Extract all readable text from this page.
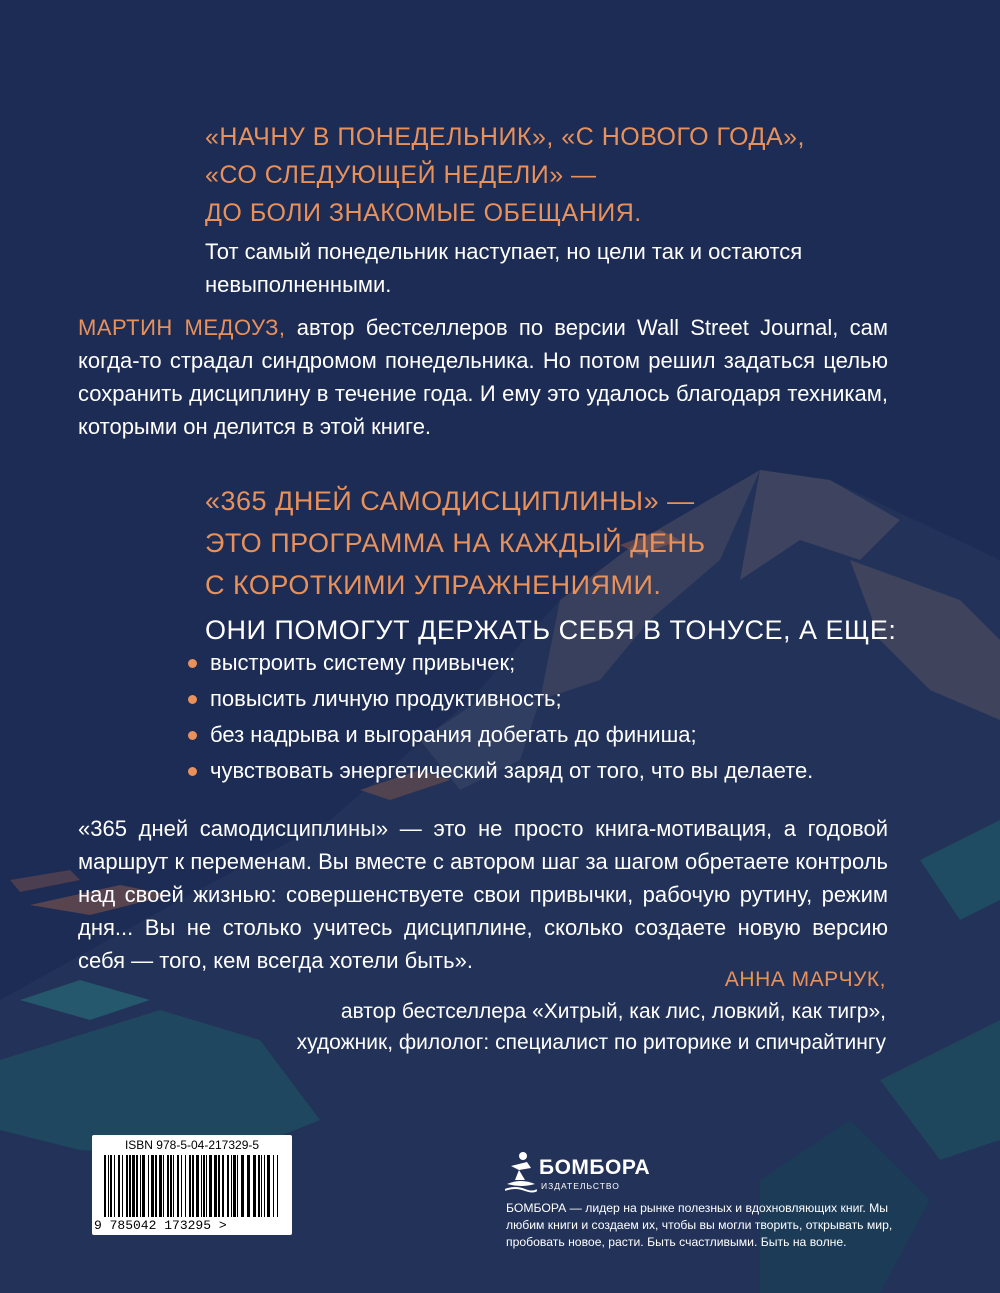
«НАЧНУ В ПОНЕДЕЛЬНИК», «С НОВОГО ГОДА»,
«СО СЛЕДУЮЩЕЙ НЕДЕЛИ» —
ДО БОЛИ ЗНАКОМЫЕ ОБЕЩАНИЯ.
Тот самый понедельник наступает, но цели так и остаются невыполненными.
МАРТИН МЕДОУЗ, автор бестселлеров по версии Wall Street Journal, сам когда-то страдал синдромом понедельника. Но потом решил задаться целью сохранить дисциплину в течение года. И ему это удалось благодаря техникам, которыми он делится в этой книге.
«365 ДНЕЙ САМОДИСЦИПЛИНЫ» —
ЭТО ПРОГРАММА НА КАЖДЫЙ ДЕНЬ
С КОРОТКИМИ УПРАЖНЕНИЯМИ.
ОНИ ПОМОГУТ ДЕРЖАТЬ СЕБЯ В ТОНУСЕ, А ЕЩЕ:
выстроить систему привычек;
повысить личную продуктивность;
без надрыва и выгорания добегать до финиша;
чувствовать энергетический заряд от того, что вы делаете.
«365 дней самодисциплины» — это не просто книга-мотивация, а годовой маршрут к переменам. Вы вместе с автором шаг за шагом обретаете контроль над своей жизнью: совершенствуете свои привычки, рабочую рутину, режим дня... Вы не столько учитесь дисциплине, сколько создаете новую версию себя — того, кем всегда хотели быть».
АННА МАРЧУК,
автор бестселлера «Хитрый, как лис, ловкий, как тигр»,
художник, филолог: специалист по риторике и спичрайтингу
ISBN 978-5-04-217329-5
9 785042 173295 >
БОМБОРА
ИЗДАТЕЛЬСТВО
БОМБОРА — лидер на рынке полезных и вдохновляющих книг. Мы любим книги и создаем их, чтобы вы могли творить, открывать мир, пробовать новое, расти. Быть счастливыми. Быть на волне.
